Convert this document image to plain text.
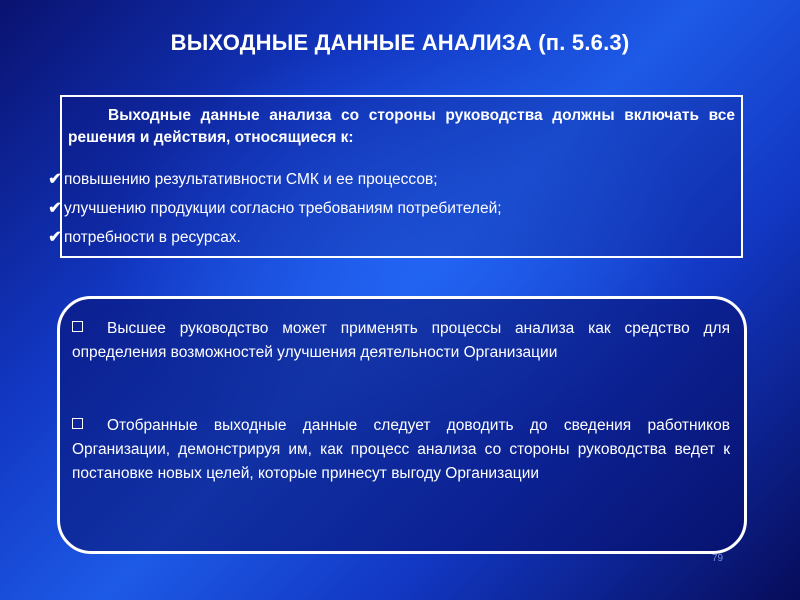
ВЫХОДНЫЕ ДАННЫЕ АНАЛИЗА (п. 5.6.3)

Выходные данные анализа со стороны руководства должны включать все решения и действия, относящиеся к:

✔ повышению результативности СМК и ее процессов;
✔ улучшению продукции согласно требованиям потребителей;
✔ потребности в ресурсах.

Высшее руководство может применять процессы анализа как средство для определения возможностей улучшения деятельности Организации

Отобранные выходные данные следует доводить до сведения работников Организации, демонстрируя им, как процесс анализа со стороны руководства ведет к постановке новых целей, которые принесут выгоду Организации

79
